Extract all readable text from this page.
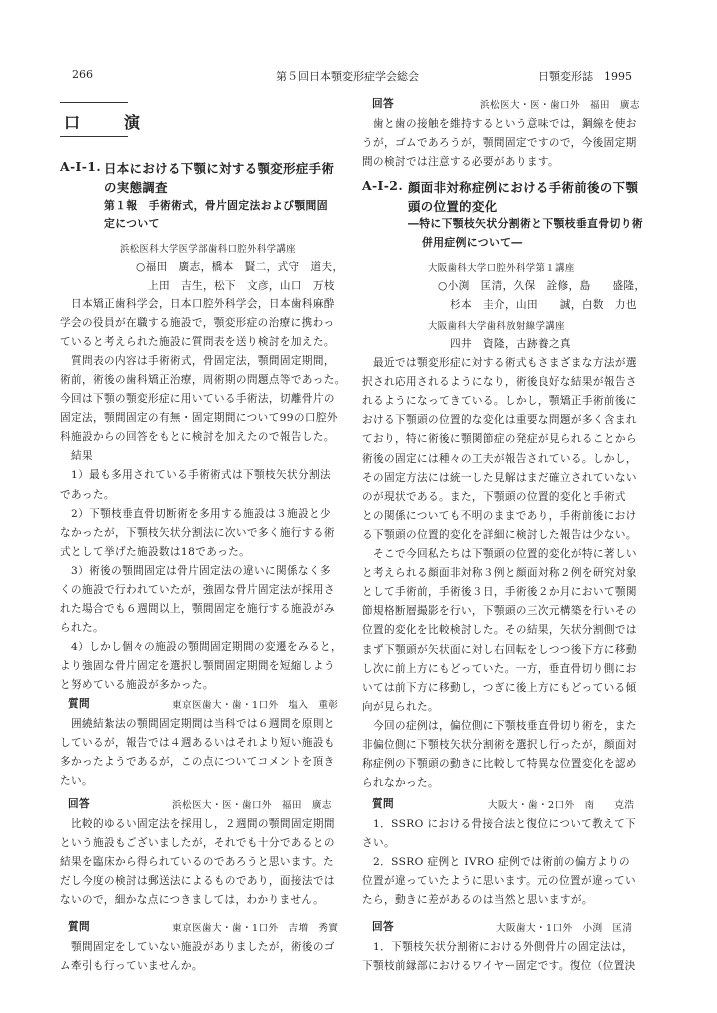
266	第５回日本顎変形症学会総会	日顎変形誌　1995
口　演
A-I-1. 日本における下顎に対する顎変形症手術
の実態調査
第１報　手術術式，骨片固定法および顎間固
定について
浜松医科大学医学部歯科口腔外科学講座
○福田　廣志，橋本　賢二，式守　道夫，
上田　吉生，松下　文彦，山口　万枝
　日本矯正歯科学会，日本口腔外科学会，日本歯科麻酔
学会の役員が在職する施設で，顎変形症の治療に携わっ
ていると考えられた施設に質問表を送り検討を加えた。
　質問表の内容は手術術式，骨固定法，顎間固定期間，
術前，術後の歯科矯正治療，周術期の問題点等であった。
今回は下顎の顎変形症に用いている手術法，切離骨片の
固定法，顎間固定の有無・固定期間について99の口腔外
科施設からの回答をもとに検討を加えたので報告した。
　結果
　1）最も多用されている手術術式は下顎枝矢状分割法
であった。
　2）下顎枝垂直骨切断術を多用する施設は３施設と少
なかったが，下顎枝矢状分割法に次いで多く施行する術
式として挙げた施設数は18であった。
　3）術後の顎間固定は骨片固定法の違いに関係なく多
くの施設で行われていたが，強固な骨片固定法が採用さ
れた場合でも６週間以上，顎間固定を施行する施設がみ
られた。
　4）しかし個々の施設の顎間固定期間の変遷をみると，
より強固な骨片固定を選択し顎間固定期間を短縮しよう
と努めている施設が多かった。
質問	東京医歯大・歯・1口外　塩入　重彰
　囲繞結紮法の顎間固定期間は当科では６週間を原則と
しているが，報告では４週あるいはそれより短い施設も
多かったようであるが，この点についてコメントを頂き
たい。
回答	浜松医大・医・歯口外　福田　廣志
　比較的ゆるい固定法を採用し，２週間の顎間固定期間
という施設もございましたが，それでも十分であるとの
結果を臨床から得られているのであろうと思います。た
だし今度の検討は郵送法によるものであり，面接法では
ないので，細かな点につきましては，わかりません。
質問	東京医歯大・歯・1口外　吉増　秀實
　顎間固定をしていない施設がありましたが，術後のゴ
ム牽引も行っていませんか。
回答	浜松医大・医・歯口外　福田　廣志
　歯と歯の接触を維持するという意味では，鋼線を使お
うが，ゴムであろうが，顎間固定ですので，今後固定期
間の検討では注意する必要があります。
A-I-2. 顔面非対称症例における手術前後の下顎
頭の位置的変化
―特に下顎枝矢状分割術と下顎枝垂直骨切り術
併用症例について―
大阪歯科大学口腔外科学第１講座
○小渕　匡清，久保　詮修，島　　盛隆，
杉本　圭介，山田　　誠，白数　力也
大阪歯科大学歯科放射線学講座
四井　資隆，古跡養之真
　最近では顎変形症に対する術式もさまざまな方法が選
択され応用されるようになり，術後良好な結果が報告さ
れるようになってきている。しかし，顎矯正手術前後に
おける下顎頭の位置的な変化は重要な問題が多く含まれ
ており，特に術後に顎関節症の発症が見られることから
術後の固定には種々の工夫が報告されている。しかし，
その固定方法には統一した見解はまだ確立されていない
のが現状である。また，下顎頭の位置的変化と手術式
との関係についても不明のままであり，手術前後におけ
る下顎頭の位置的変化を詳細に検討した報告は少ない。
　そこで今回私たちは下顎頭の位置的変化が特に著しい
と考えられる顔面非対称３例と顔面対称２例を研究対象
として手術前，手術後３日，手術後２か月において顎関
節規格断層撮影を行い，下顎頭の三次元構築を行いその
位置的変化を比較検討した。その結果，矢状分割側では
まず下顎頭が矢状面に対し右回転をしつつ後下方に移動
し次に前上方にもどっていた。一方，垂直骨切り側にお
いては前下方に移動し，つぎに後上方にもどっている傾
向が見られた。
　今回の症例は，偏位側に下顎枝垂直骨切り術を，また
非偏位側に下顎枝矢状分割術を選択し行ったが，顔面対
称症例の下顎頭の動きに比較して特異な位置変化を認め
られなかった。
質問	大阪大・歯・2口外　南　　克浩
　1．SSRO における骨接合法と復位について教えて下
さい。
　2．SSRO 症例と IVRO 症例では術前の偏方よりの
位置が違っていたように思います。元の位置が違ってい
たら，動きに差があるのは当然と思いますが。
回答	大阪歯大・1口外　小渕　匡清
　1．下顎枝矢状分割術における外側骨片の固定法は，
下顎枝前縁部におけるワイヤー固定です。復位（位置決
